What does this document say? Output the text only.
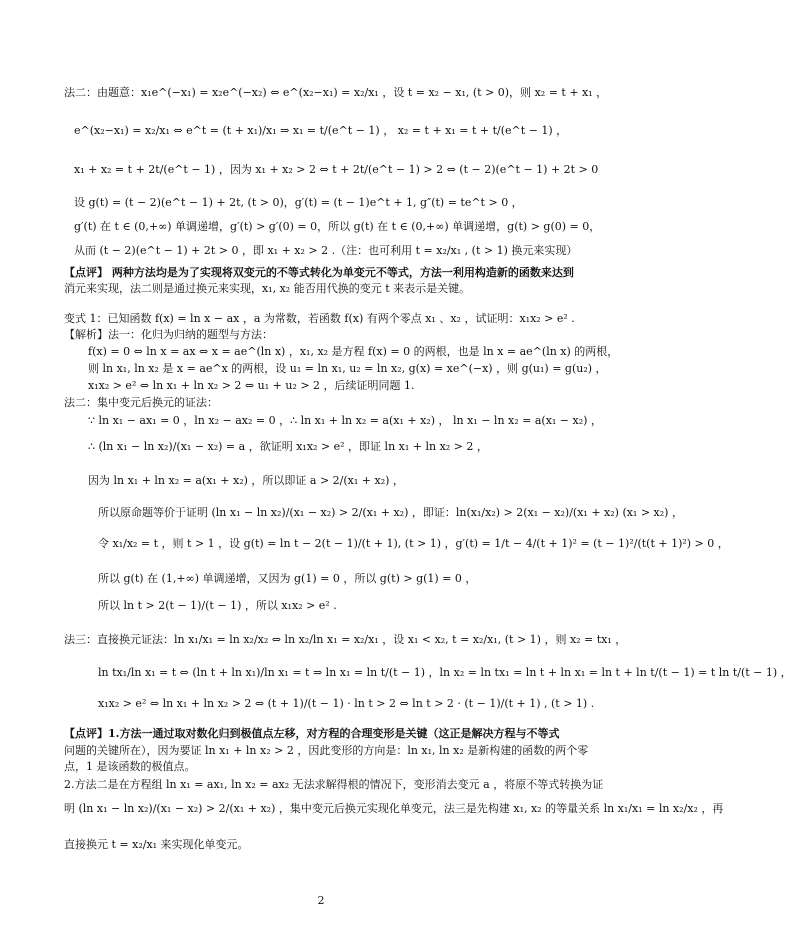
法二：由题意：x₁e^(−x₁) = x₂e^(−x₂) ⇔ e^(x₂−x₁) = x₂/x₁ ，设 t = x₂ − x₁, (t > 0)，则 x₂ = t + x₁ ，
e^(x₂−x₁) = x₂/x₁ ⇔ e^t = (t + x₁)/x₁ ⇒ x₁ = t/(e^t − 1) ， x₂ = t + x₁ = t + t/(e^t − 1) ，
x₁ + x₂ = t + 2t/(e^t − 1) ，因为 x₁ + x₂ > 2 ⇔ t + 2t/(e^t − 1) > 2 ⇔ (t − 2)(e^t − 1) + 2t > 0
设 g(t) = (t − 2)(e^t − 1) + 2t, (t > 0)，g′(t) = (t − 1)e^t + 1, g″(t) = te^t > 0 ，
g′(t) 在 t ∈ (0,+∞) 单调递增，g′(t) > g′(0) = 0，所以 g(t) 在 t ∈ (0,+∞) 单调递增，g(t) > g(0) = 0，
从而 (t − 2)(e^t − 1) + 2t > 0 ，即 x₁ + x₂ > 2 .（注：也可利用 t = x₂/x₁ , (t > 1) 换元来实现）
【点评】 两种方法均是为了实现将双变元的不等式转化为单变元不等式，方法一利用构造新的函数来达到
消元来实现，法二则是通过换元来实现，x₁, x₂ 能否用代换的变元 t 来表示是关键。
变式 1：已知函数 f(x) = ln x − ax ，a 为常数，若函数 f(x) 有两个零点 x₁ 、x₂ ，试证明：x₁x₂ > e² .
【解析】法一：化归为归纳的题型与方法：
f(x) = 0 ⇔ ln x = ax ⇔ x = ae^(ln x) ，x₁, x₂ 是方程 f(x) = 0 的两根，也是 ln x = ae^(ln x) 的两根，
则 ln x₁, ln x₂ 是 x = ae^x 的两根，设 u₁ = ln x₁, u₂ = ln x₂, g(x) = xe^(−x) ，则 g(u₁) = g(u₂) ，
x₁x₂ > e² ⇔ ln x₁ + ln x₂ > 2 ⇔ u₁ + u₂ > 2 ，后续证明同题 1.
法二：集中变元后换元的证法：
∵ ln x₁ − ax₁ = 0 ，ln x₂ − ax₂ = 0 ，∴ ln x₁ + ln x₂ = a(x₁ + x₂) ， ln x₁ − ln x₂ = a(x₁ − x₂) ，
∴ (ln x₁ − ln x₂)/(x₁ − x₂) = a ，欲证明 x₁x₂ > e² ，即证 ln x₁ + ln x₂ > 2 ，
因为 ln x₁ + ln x₂ = a(x₁ + x₂) ，所以即证 a > 2/(x₁ + x₂) ，
所以原命题等价于证明 (ln x₁ − ln x₂)/(x₁ − x₂) > 2/(x₁ + x₂) ，即证：ln(x₁/x₂) > 2(x₁ − x₂)/(x₁ + x₂) (x₁ > x₂) ，
令 x₁/x₂ = t ，则 t > 1 ，设 g(t) = ln t − 2(t − 1)/(t + 1), (t > 1) ，g′(t) = 1/t − 4/(t + 1)² = (t − 1)²/(t(t + 1)²) > 0 ，
所以 g(t) 在 (1,+∞) 单调递增，又因为 g(1) = 0 ，所以 g(t) > g(1) = 0 ，
所以 ln t > 2(t − 1)/(t − 1) ，所以 x₁x₂ > e² .
法三：直接换元证法：ln x₁/x₁ = ln x₂/x₂ ⇔ ln x₂/ln x₁ = x₂/x₁ ，设 x₁ < x₂, t = x₂/x₁, (t > 1) ，则 x₂ = tx₁ ，
ln tx₁/ln x₁ = t ⇔ (ln t + ln x₁)/ln x₁ = t ⇒ ln x₁ = ln t/(t − 1) ，ln x₂ = ln tx₁ = ln t + ln x₁ = ln t + ln t/(t − 1) = t ln t/(t − 1) ，
x₁x₂ > e² ⇔ ln x₁ + ln x₂ > 2 ⇔ (t + 1)/(t − 1) · ln t > 2 ⇔ ln t > 2 · (t − 1)/(t + 1) , (t > 1) .
【点评】1.方法一通过取对数化归到极值点左移，对方程的合理变形是关键（这正是解决方程与不等式
问题的关键所在），因为要证 ln x₁ + ln x₂ > 2 ，因此变形的方向是：ln x₁, ln x₂ 是新构建的函数的两个零
点，1 是该函数的极值点。
2.方法二是在方程组 ln x₁ = ax₁, ln x₂ = ax₂ 无法求解得根的情况下，变形消去变元 a ，将原不等式转换为证
明 (ln x₁ − ln x₂)/(x₁ − x₂) > 2/(x₁ + x₂) ，集中变元后换元实现化单变元，法三是先构建 x₁, x₂ 的等量关系 ln x₁/x₁ = ln x₂/x₂ ，再
直接换元 t = x₂/x₁ 来实现化单变元。
2
